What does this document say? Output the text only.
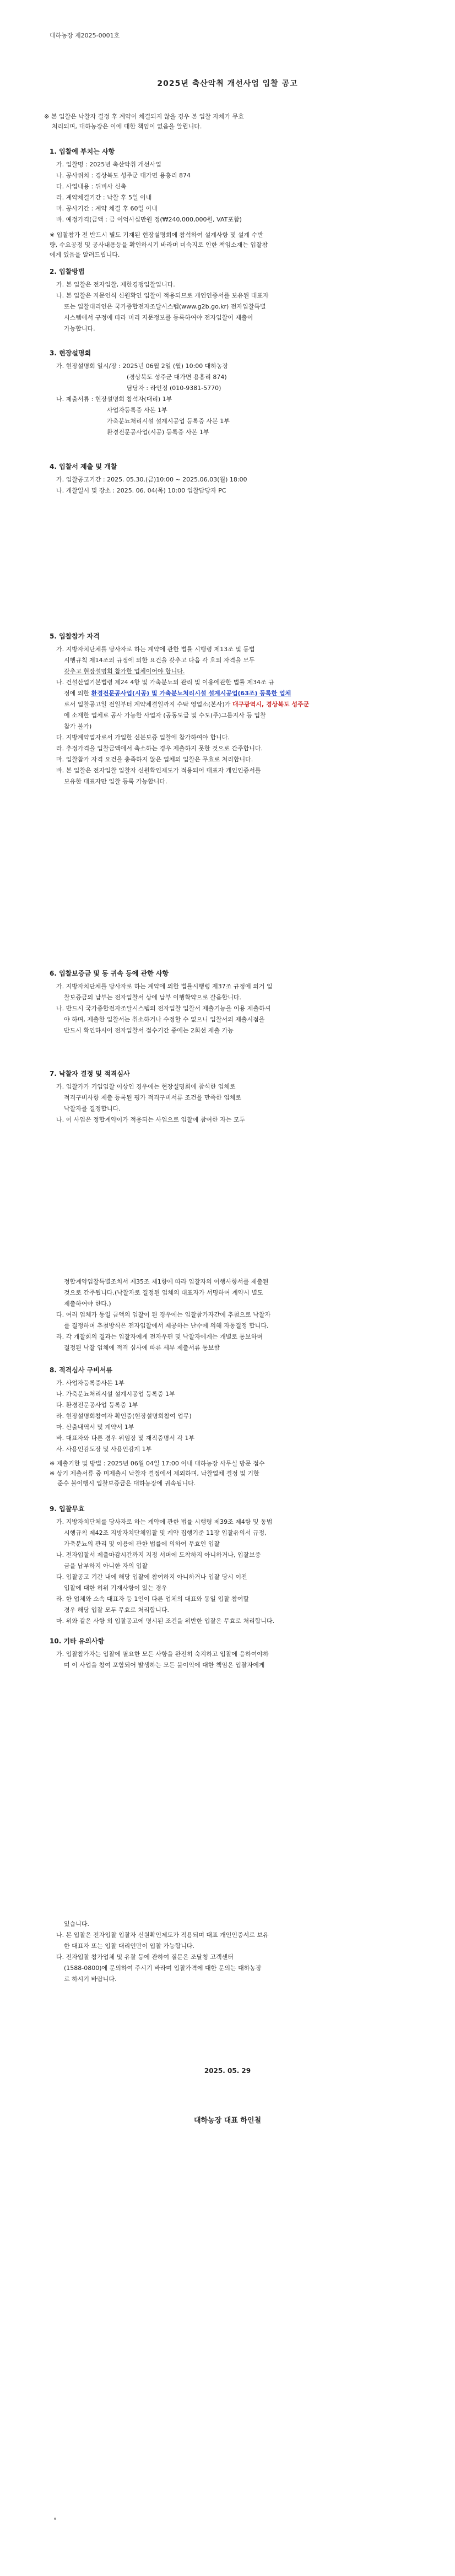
대하농장 제2025-0001호
2025년 축산악취 개선사업 입찰 공고
※ 본 입찰은 낙찰자 결정 후 계약이 체결되지 않을 경우 본 입찰 자체가 무효
처리되며, 대하농장은 이에 대한 책임이 없음을 알립니다.
1. 입찰에 부치는 사항
가. 입찰명 : 2025년 축산악취 개선사업
나. 공사위치 : 경상북도 성주군 대가면 용흥리 874
다. 사업내용 : 뒤비사 신축
라. 계약체결기간 : 낙찰 후 5일 이내
마. 공사기간 : 계약 체결 후 60일 이내
바. 예정가격(금액 : 금 이억사십만원 정(₩240,000,000원, VAT포함)
※ 입찰참가 전 반드시 별도 기재된 현장설명회에 참석하여 설계사항 및 설계 수반
량, 수요공정 및 공사내용등을 확인하시기 바라며 미숙지로 인한 책임소재는 입찰참
에게 있음을 알려드립니다.
2. 입찰방법
가. 본 입찰은 전자입찰, 제한경쟁입찰입니다.
나. 본 입찰은 지문인식 신원확인 입찰이 적용되므로 개인인증서를 보유된 대표자
또는 입찰대리인은 국가종합전자조달시스템(www.g2b.go.kr) 전자입찰특별
시스템에서 규정에 따라 미리 지문정보를 등록하여야 전자입찰이 제출이
가능합니다.
3. 현장설명회
가. 현장설명회 일시/장 : 2025년 06월 2일 (월) 10:00 대하농장
(경상북도 성주군 대가면 용흥리 874)
담당자 : 라인정 (010-9381-5770)
나. 제출서류 : 현장설명회 참석자(대리) 1부
사업자등록증 사본 1부
가축분뇨처리시설 설계시공업 등록증 사본 1부
환경전문공사업(시공) 등록증 사본 1부
4. 입찰서 제출 및 개찰
가. 입찰공고기간 : 2025. 05.30.(금)10:00 ~ 2025.06.03(월) 18:00
나. 개찰일시 및 장소 : 2025. 06. 04(목) 10:00 입찰담당자 PC
5. 입찰참가 자격
가. 지방자치단체를 당사자로 하는 계약에 관한 법률 시행령 제13조 및 동법
시행규칙 제14조의 규정에 의한 요건을 갖추고 다음 각 호의 자격을 모두
갖추고 현장설명회 참가한 업체이어야 합니다.
나. 건설산업기본법령 제24 4항 및 가축분뇨의 관리 및 이용에관한 법률 제34조 규
정에 의한 환경전문공사업(시공) 및 가축분뇨처리시설 설계시공업(63조) 등록한 업체
로서 입찰공고일 전일부터 계약체결일까지 수탁 영업소(본사)가 대구광역시, 경상북도 성주군
에 소재한 업체로 공사 가능한 사업자 (공동도급 및 수도(주)그룹지사 등 입찰
참가 불가)
다. 지방계약업자로서 가입한 신분보증 입찰에 참가하여야 합니다.
라. 추정가격을 입찰금액에서 축소하는 경우 제출하지 못한 것으로 간주합니다.
마. 입찰참가 자격 요건을 충족하지 않은 업체의 입찰은 무효로 처리합니다.
바. 본 입찰은 전자입찰 입찰자 신원확인제도가 적용되어 대표자 개인인증서를
보유한 대표자만 입찰 등록 가능합니다.
6. 입찰보증금 및 동 귀속 등에 관한 사항
가. 지방자치단체를 당사자로 하는 계약에 의한 법률시행령 제37조 규정에 의거 입
찰보증금의 납부는 전자입찰서 상에 납부 이행확약으로 갈음합니다.
나. 반드시 국가종합전자조달시스템의 전자입찰 입찰서 제출기능을 이용 제출하셔
야 하며, 제출한 입찰서는 취소하거나 수정할 수 없으니 입찰서의 제출시점을
반드시 확인하시어 전자입찰서 접수기간 중에는 2회선 제출 가능
7. 낙찰자 결정 및 적격심사
가. 입찰가가 기입입찰 이상인 경우에는 현장설명회에 참석한 업체로
적격구비사항 제출 등록된 평가 적격구비서류 조건을 만족한 업체로
낙찰자를 결정합니다.
나. 이 사업은 정합계약이가 적용되는 사업으로 입찰에 참여한 자는 모두
정합계약입찰특별조치서 제35조 제1항에 따라 입찰자의 이행사항서를 제출된
것으로 간주됩니다.(낙찰자로 결정된 업체의 대표자가 서명하여 계약시 별도
제출하여야 한다.)
다. 여러 업체가 동일 금액의 입찰이 된 경우에는 입찰참가자간에 추첨으로 낙찰자
를 결정하며 추첨방식은 전자입찰에서 제공하는 난수에 의해 자동결정 합니다.
라. 각 개찰회의 결과는 입찰자에게 전자우편 및 낙찰자에게는 개별로 통보하며
결정된 낙찰 업체에 적격 심사에 따른 세부 제출서류 통보함
8. 적격심사 구비서류
가. 사업자등록증사본 1부
나. 가축분뇨처리시설 설계시공업 등록증 1부
다. 환경전문공사업 등록증 1부
라. 현장설명회참여자 확인증(현장설명회참여 업무)
마. 산출내역서 및 계약서 1부
바. 대표자와 다른 경우 위임장 및 재직증명서 각 1부
사. 사용인감도장 및 사용인감계 1부
※ 제출기한 및 방법 : 2025년 06월 04일 17:00 이내 대하농장 사무실 방문 접수
※ 상기 제출서류 중 미제출시 낙찰자 결정에서 제외하며, 낙찰업체 결정 및 기한
준수 불이행시 입찰보증금은 대하농장에 귀속됩니다.
9. 입찰무효
가. 지방자치단체를 당사자로 하는 계약에 관한 법률 시행령 제39조 제4항 및 동법
시행규칙 제42조 지방자치단체입찰 및 계약 집행기준 11장 입찰유의서 규정,
가축분뇨의 관리 및 이용에 관한 법률에 의하여 무효인 입찰
나. 전자입찰서 제출마감시간까지 지정 서버에 도착하지 아니하거나, 입찰보증
금을 납부하지 아니한 자의 입찰
다. 입찰공고 기간 내에 해당 입찰에 참여하지 아니하거나 입찰 당시 이전
입찰에 대한 허위 기재사항이 있는 경우
라. 한 업체와 소속 대표자 등 1인이 다른 업체의 대표와 동일 입찰 참여할
경우 해당 입찰 모두 무효로 처리합니다.
마. 위와 같은 사항 외 입찰공고에 명시된 조건을 위반한 입찰은 무효로 처리합니다.
10. 기타 유의사항
가. 입찰참가자는 입찰에 필요한 모든 사항을 완전히 숙지하고 입찰에 응하여야하
며 이 사업을 참여 포함되어 발생하는 모든 불이익에 대한 책임은 입찰자에게
있습니다.
나. 본 입찰은 전자입찰 입찰자 신원확인제도가 적용되며 대표 개인인증서로 보유
한 대표자 또는 입찰 대리인만이 입찰 가능합니다.
다. 전자입찰 참가업체 및 유찰 등에 관하여 질문은 조달청 고객센터
(1588-0800)에 문의하여 주시기 바라며 입찰가격에 대한 문의는 대하농장
로 하시기 바랍니다.
2025. 05. 29
대하농장 대표 하인철
